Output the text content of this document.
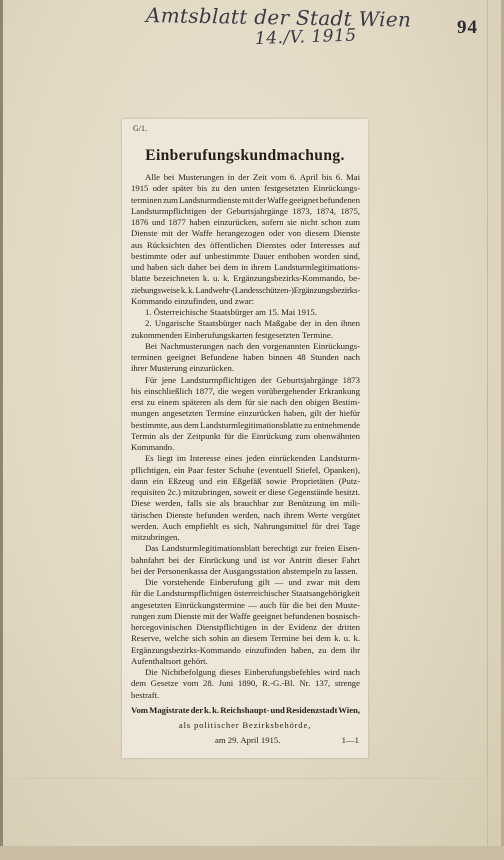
Amtsblatt der Stadt Wien
14./V. 1915	94
G/1.
Einberufungskundmachung.
Alle bei Musterungen in der Zeit vom 6. April bis 6. Mai
1915 oder später bis zu den unten festgesetzten Einrückungs-
terminen zum Landsturmdienste mit der Waffe geeignet befundenen
Landsturmpflichtigen der Geburtsjahrgänge 1873, 1874, 1875,
1876 und 1877 haben einzurücken, sofern sie nicht schon zum
Dienste mit der Waffe herangezogen oder von diesem Dienste
aus Rücksichten des öffentlichen Dienstes oder Interesses auf
bestimmte oder auf unbestimmte Dauer enthoben worden sind,
und haben sich daher bei dem in ihrem Landsturmlegitimations-
blatte bezeichneten k. u. k. Ergänzungsbezirks-Kommando, be-
ziehungsweise k. k. Landwehr-(Landesschützen-)Ergänzungsbezirks-
Kommando einzufinden, und zwar:
1. Österreichische Staatsbürger am 15. Mai 1915.
2. Ungarische Staatsbürger nach Maßgabe der in den ihnen
zukommenden Einberufungskarten festgesetzten Termine.
Bei Nachmusterungen nach den vorgenannten Einrückungs-
terminen geeignet Befundene haben binnen 48 Stunden nach
ihrer Musterung einzurücken.
Für jene Landsturmpflichtigen der Geburtsjahrgänge 1873
bis einschließlich 1877, die wegen vorübergehender Erkrankung
erst zu einem späteren als dem für sie nach den obigen Bestim-
mungen angesetzten Termine einzurücken haben, gilt der hiefür
bestimmte, aus dem Landsturmlegitimationsblatte zu entnehmende
Termin als der Zeitpunkt für die Einrückung zum obenwähnten
Kommando.
Es liegt im Interesse eines jeden einrückenden Landsturm-
pflichtigen, ein Paar fester Schuhe (eventuell Stiefel, Opanken),
dann ein Eßzeug und ein Eßgefäß sowie Proprietäten (Putz-
requisiten 2c.) mitzubringen, soweit er diese Gegenstände besitzt.
Diese werden, falls sie als brauchbar zur Benützung im mili-
tärischen Dienste befunden werden, nach ihrem Werte vergütet
werden. Auch empfiehlt es sich, Nahrungsmittel für drei Tage
mitzubringen.
Das Landsturmlegitimationsblatt berechtigt zur freien Eisen-
bahnfahrt bei der Einrückung und ist vor Antritt dieser Fahrt
bei der Personenkassa der Ausgangsstation abstempeln zu lassen.
Die vorstehende Einberufung gilt — und zwar mit dem
für die Landsturmpflichtigen österreichischer Staatsangehörigkeit
angesetzten Einrückungstermine — auch für die bei den Muste-
rungen zum Dienste mit der Waffe geeignet befundenen bosnisch-
hercegovinischen Dienstpflichtigen in der Evidenz der dritten
Reserve, welche sich sohin an diesem Termine bei dem k. u. k.
Ergänzungsbezirks-Kommando einzufinden haben, zu dem ihr
Aufenthaltsort gehört.
Die Nichtbefolgung dieses Einberufungsbefehles wird nach
dem Gesetze vom 28. Juni 1890, R.-G.-Bl. Nr. 137, strenge
bestraft.
Vom Magistrate der k. k. Reichshaupt- und Residenzstadt Wien,
als politischer Bezirksbehörde,
am 29. April 1915.	1—1
